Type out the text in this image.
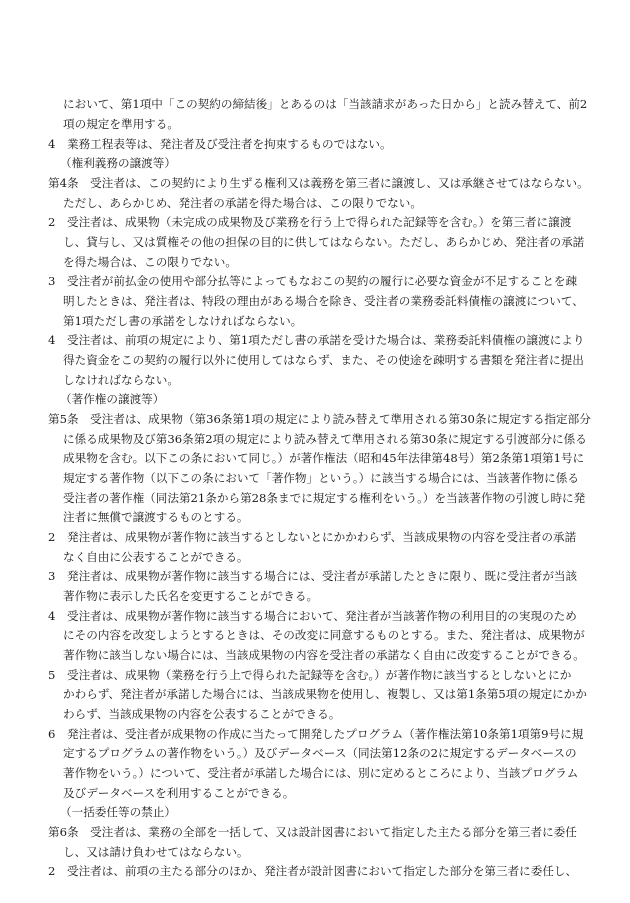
において、第1項中「この契約の締結後」とあるのは「当該請求があった日から」と読み替えて、前2
項の規定を準用する。
4　業務工程表等は、発注者及び受注者を拘束するものではない。
（権利義務の譲渡等）
第4条　受注者は、この契約により生ずる権利又は義務を第三者に譲渡し、又は承継させてはならない。
ただし、あらかじめ、発注者の承諾を得た場合は、この限りでない。
2　受注者は、成果物（未完成の成果物及び業務を行う上で得られた記録等を含む。）を第三者に譲渡
し、貸与し、又は質権その他の担保の目的に供してはならない。ただし、あらかじめ、発注者の承諾
を得た場合は、この限りでない。
3　受注者が前払金の使用や部分払等によってもなおこの契約の履行に必要な資金が不足することを疎
明したときは、発注者は、特段の理由がある場合を除き、受注者の業務委託料債権の譲渡について、
第1項ただし書の承諾をしなければならない。
4　受注者は、前項の規定により、第1項ただし書の承諾を受けた場合は、業務委託料債権の譲渡により
得た資金をこの契約の履行以外に使用してはならず、また、その使途を疎明する書類を発注者に提出
しなければならない。
（著作権の譲渡等）
第5条　受注者は、成果物（第36条第1項の規定により読み替えて準用される第30条に規定する指定部分
に係る成果物及び第36条第2項の規定により読み替えて準用される第30条に規定する引渡部分に係る
成果物を含む。以下この条において同じ。）が著作権法（昭和45年法律第48号）第2条第1項第1号に
規定する著作物（以下この条において「著作物」という。）に該当する場合には、当該著作物に係る
受注者の著作権（同法第21条から第28条までに規定する権利をいう。）を当該著作物の引渡し時に発
注者に無償で譲渡するものとする。
2　発注者は、成果物が著作物に該当するとしないとにかかわらず、当該成果物の内容を受注者の承諾
なく自由に公表することができる。
3　発注者は、成果物が著作物に該当する場合には、受注者が承諾したときに限り、既に受注者が当該
著作物に表示した氏名を変更することができる。
4　受注者は、成果物が著作物に該当する場合において、発注者が当該著作物の利用目的の実現のため
にその内容を改変しようとするときは、その改変に同意するものとする。また、発注者は、成果物が
著作物に該当しない場合には、当該成果物の内容を受注者の承諾なく自由に改変することができる。
5　受注者は、成果物（業務を行う上で得られた記録等を含む。）が著作物に該当するとしないとにか
かわらず、発注者が承諾した場合には、当該成果物を使用し、複製し、又は第1条第5項の規定にかか
わらず、当該成果物の内容を公表することができる。
6　発注者は、受注者が成果物の作成に当たって開発したプログラム（著作権法第10条第1項第9号に規
定するプログラムの著作物をいう。）及びデータベース（同法第12条の2に規定するデータベースの
著作物をいう。）について、受注者が承諾した場合には、別に定めるところにより、当該プログラム
及びデータベースを利用することができる。
（一括委任等の禁止）
第6条　受注者は、業務の全部を一括して、又は設計図書において指定した主たる部分を第三者に委任
し、又は請け負わせてはならない。
2　受注者は、前項の主たる部分のほか、発注者が設計図書において指定した部分を第三者に委任し、
